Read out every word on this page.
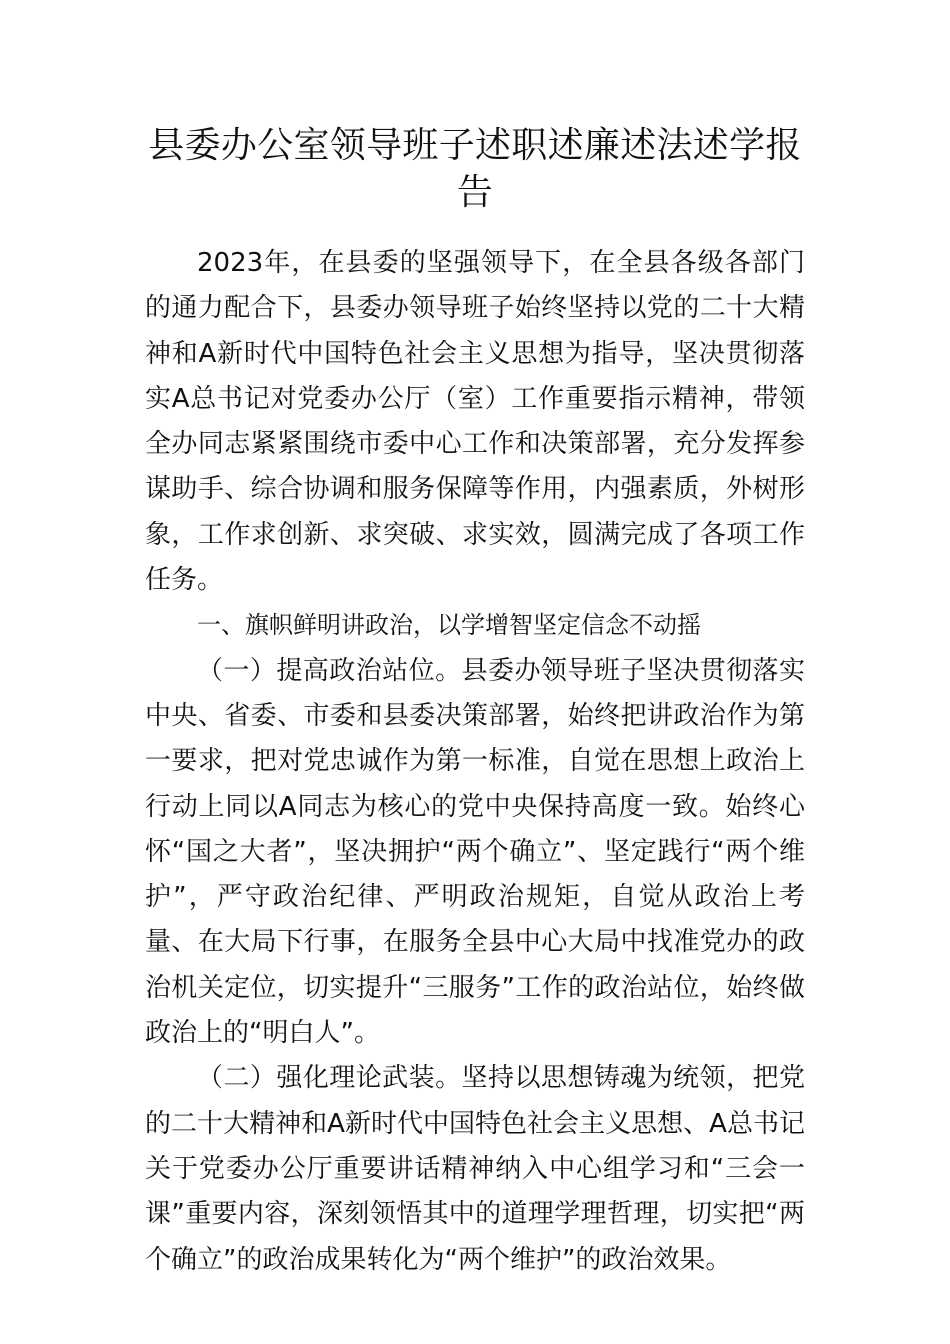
县委办公室领导班子述职述廉述法述学报告

2023年，在县委的坚强领导下，在全县各级各部门的通力配合下，县委办领导班子始终坚持以党的二十大精神和A新时代中国特色社会主义思想为指导，坚决贯彻落实A总书记对党委办公厅（室）工作重要指示精神，带领全办同志紧紧围绕市委中心工作和决策部署，充分发挥参谋助手、综合协调和服务保障等作用，内强素质，外树形象，工作求创新、求突破、求实效，圆满完成了各项工作任务。

一、旗帜鲜明讲政治，以学增智坚定信念不动摇

（一）提高政治站位。县委办领导班子坚决贯彻落实中央、省委、市委和县委决策部署，始终把讲政治作为第一要求，把对党忠诚作为第一标准，自觉在思想上政治上行动上同以A同志为核心的党中央保持高度一致。始终心怀“国之大者”，坚决拥护“两个确立”、坚定践行“两个维护”，严守政治纪律、严明政治规矩，自觉从政治上考量、在大局下行事，在服务全县中心大局中找准党办的政治机关定位，切实提升“三服务”工作的政治站位，始终做政治上的“明白人”。

（二）强化理论武装。坚持以思想铸魂为统领，把党的二十大精神和A新时代中国特色社会主义思想、A总书记关于党委办公厅重要讲话精神纳入中心组学习和“三会一课”重要内容，深刻领悟其中的道理学理哲理，切实把“两个确立”的政治成果转化为“两个维护”的政治效果。
